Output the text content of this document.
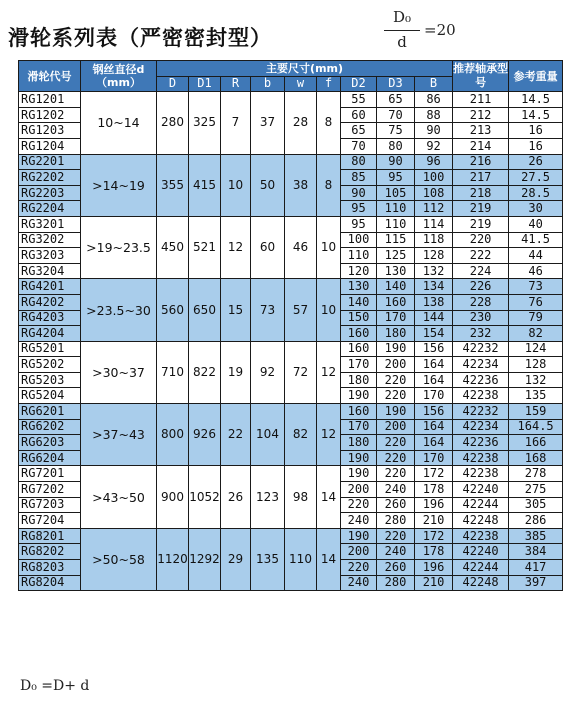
滑轮系列表（严密密封型）
D₀
d
=20
滑轮代号	钢丝直径d
（mm）	主要尺寸(mm)									推荐轴承型号	参考重量
		D	D1	R	b	w	f	D2	D3	B		
RG1201	10~14	280	325	7	37	28	8	55	65	86	211	14.5
RG1202								60	70	88	212	14.5
RG1203								65	75	90	213	16
RG1204								70	80	92	214	16
RG2201	>14~19	355	415	10	50	38	8	80	90	96	216	26
RG2202								85	95	100	217	27.5
RG2203								90	105	108	218	28.5
RG2204								95	110	112	219	30
RG3201	>19~23.5	450	521	12	60	46	10	95	110	114	219	40
RG3202								100	115	118	220	41.5
RG3203								110	125	128	222	44
RG3204								120	130	132	224	46
RG4201	>23.5~30	560	650	15	73	57	10	130	140	134	226	73
RG4202								140	160	138	228	76
RG4203								150	170	144	230	79
RG4204								160	180	154	232	82
RG5201	>30~37	710	822	19	92	72	12	160	190	156	42232	124
RG5202								170	200	164	42234	128
RG5203								180	220	164	42236	132
RG5204								190	220	170	42238	135
RG6201	>37~43	800	926	22	104	82	12	160	190	156	42232	159
RG6202								170	200	164	42234	164.5
RG6203								180	220	164	42236	166
RG6204								190	220	170	42238	168
RG7201	>43~50	900	1052	26	123	98	14	190	220	172	42238	278
RG7202								200	240	178	42240	275
RG7203								220	260	196	42244	305
RG7204								240	280	210	42248	286
RG8201	>50~58	1120	1292	29	135	110	14	190	220	172	42238	385
RG8202								200	240	178	42240	384
RG8203								220	260	196	42244	417
RG8204								240	280	210	42248	397
D₀ =D+ d
